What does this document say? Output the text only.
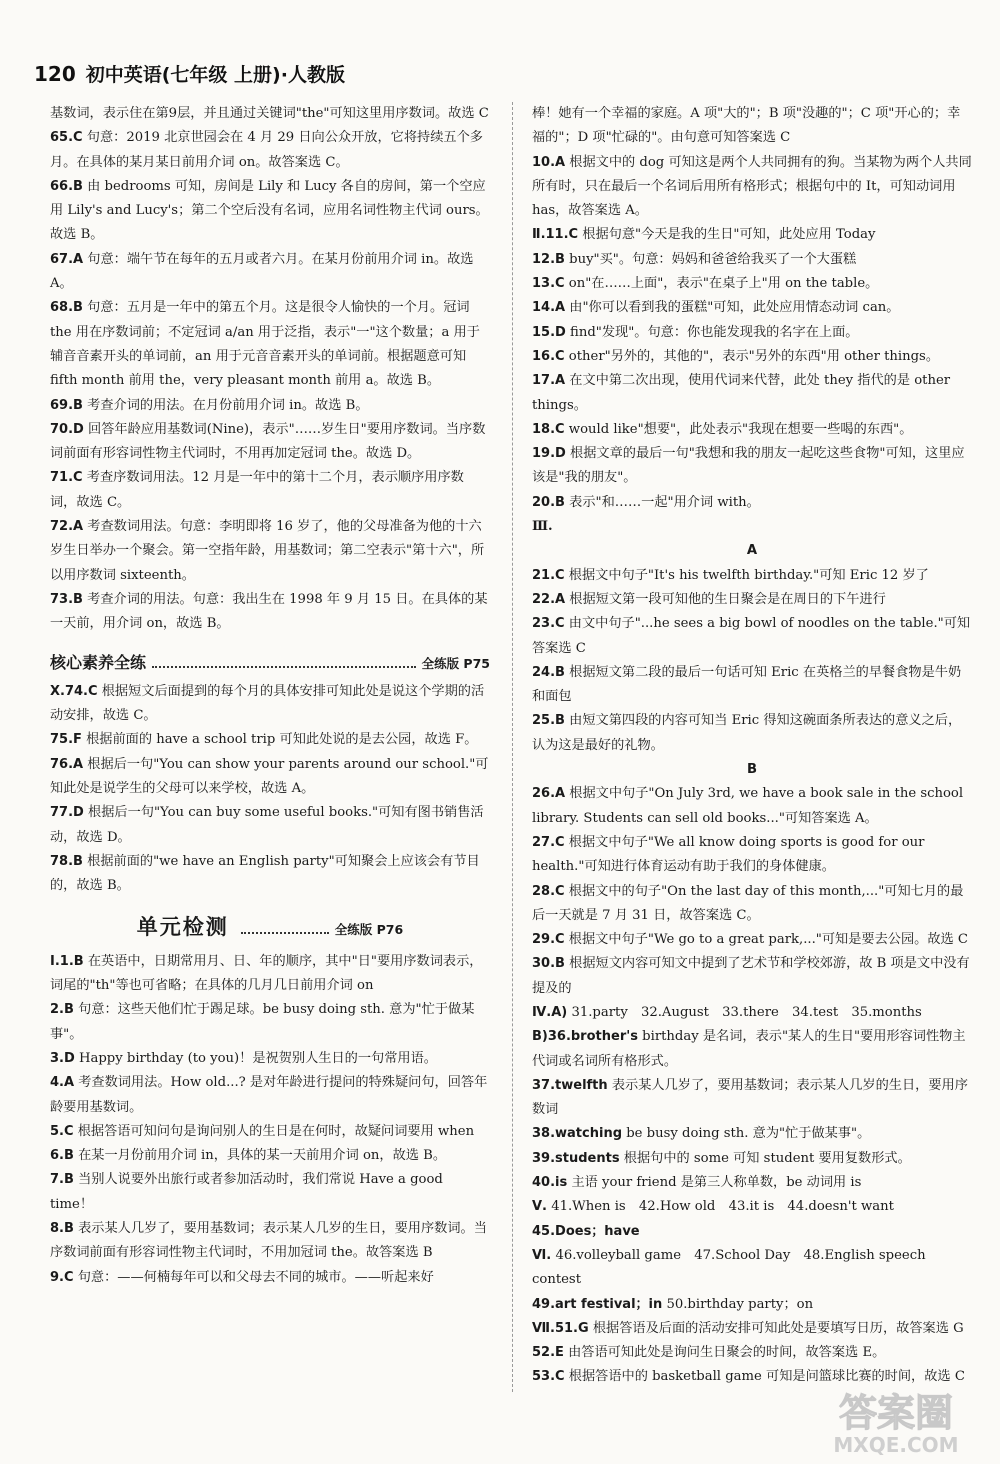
120 初中英语(七年级 上册)·人教版

基数词，表示住在第9层，并且通过关键词"the"可知这里用序数词。故选 C

65.C 句意：2019 北京世园会在 4 月 29 日向公众开放，它将持续五个多月。在具体的某月某日前用介词 on。故答案选 C。

66.B 由 bedrooms 可知，房间是 Lily 和 Lucy 各自的房间，第一个空应用 Lily's and Lucy's；第二个空后没有名词，应用名词性物主代词 ours。故选 B。

67.A 句意：端午节在每年的五月或者六月。在某月份前用介词 in。故选 A。

68.B 句意：五月是一年中的第五个月。这是很令人愉快的一个月。冠词 the 用在序数词前；不定冠词 a/an 用于泛指，表示"一"这个数量；a 用于辅音音素开头的单词前，an 用于元音音素开头的单词前。根据题意可知 fifth month 前用 the，very pleasant month 前用 a。故选 B。

69.B 考查介词的用法。在月份前用介词 in。故选 B。

70.D 回答年龄应用基数词(Nine)，表示"……岁生日"要用序数词。当序数词前面有形容词性物主代词时，不用再加定冠词 the。故选 D。

71.C 考查序数词用法。12 月是一年中的第十二个月，表示顺序用序数词，故选 C。

72.A 考查数词用法。句意：李明即将 16 岁了，他的父母准备为他的十六岁生日举办一个聚会。第一空指年龄，用基数词；第二空表示"第十六"，所以用序数词 sixteenth。

73.B 考查介词的用法。句意：我出生在 1998 年 9 月 15 日。在具体的某一天前，用介词 on，故选 B。

核心素养全练	全练版 P75

X.74.C 根据短文后面提到的每个月的具体安排可知此处是说这个学期的活动安排，故选 C。

75.F 根据前面的 have a school trip 可知此处说的是去公园，故选 F。

76.A 根据后一句"You can show your parents around our school."可知此处是说学生的父母可以来学校，故选 A。

77.D 根据后一句"You can buy some useful books."可知有图书销售活动，故选 D。

78.B 根据前面的"we have an English party"可知聚会上应该会有节目的，故选 B。

单元检测	全练版 P76

Ⅰ.1.B 在英语中，日期常用月、日、年的顺序，其中"日"要用序数词表示，词尾的"th"等也可省略；在具体的几月几日前用介词 on

2.B 句意：这些天他们忙于踢足球。be busy doing sth. 意为"忙于做某事"。

3.D Happy birthday (to you)！是祝贺别人生日的一句常用语。

4.A 考查数词用法。How old...? 是对年龄进行提问的特殊疑问句，回答年龄要用基数词。

5.C 根据答语可知问句是询问别人的生日是在何时，故疑问词要用 when

6.B 在某一月份前用介词 in，具体的某一天前用介词 on，故选 B。

7.B 当别人说要外出旅行或者参加活动时，我们常说 Have a good time！

8.B 表示某人几岁了，要用基数词；表示某人几岁的生日，要用序数词。当序数词前面有形容词性物主代词时，不用加冠词 the。故答案选 B

9.C 句意：——何楠每年可以和父母去不同的城市。——听起来好

棒！她有一个幸福的家庭。A 项"大的"；B 项"没趣的"；C 项"开心的；幸福的"；D 项"忙碌的"。由句意可知答案选 C

10.A 根据文中的 dog 可知这是两个人共同拥有的狗。当某物为两个人共同所有时，只在最后一个名词后用所有格形式；根据句中的 It，可知动词用 has，故答案选 A。

Ⅱ.11.C 根据句意"今天是我的生日"可知，此处应用 Today

12.B buy"买"。句意：妈妈和爸爸给我买了一个大蛋糕

13.C on"在……上面"，表示"在桌子上"用 on the table。

14.A 由"你可以看到我的蛋糕"可知，此处应用情态动词 can。

15.D find"发现"。句意：你也能发现我的名字在上面。

16.C other"另外的，其他的"，表示"另外的东西"用 other things。

17.A 在文中第二次出现，使用代词来代替，此处 they 指代的是 other things。

18.C would like"想要"，此处表示"我现在想要一些喝的东西"。

19.D 根据文章的最后一句"我想和我的朋友一起吃这些食物"可知，这里应该是"我的朋友"。

20.B 表示"和……一起"用介词 with。

Ⅲ.
A

21.C 根据文中句子"It's his twelfth birthday."可知 Eric 12 岁了

22.A 根据短文第一段可知他的生日聚会是在周日的下午进行

23.C 由文中句子"...he sees a big bowl of noodles on the table."可知答案选 C

24.B 根据短文第二段的最后一句话可知 Eric 在英格兰的早餐食物是牛奶和面包

25.B 由短文第四段的内容可知当 Eric 得知这碗面条所表达的意义之后，认为这是最好的礼物。

B

26.A 根据文中句子"On July 3rd, we have a book sale in the school library. Students can sell old books..."可知答案选 A。

27.C 根据文中句子"We all know doing sports is good for our health."可知进行体育运动有助于我们的身体健康。

28.C 根据文中的句子"On the last day of this month,..."可知七月的最后一天就是 7 月 31 日，故答案选 C。

29.C 根据文中句子"We go to a great park,..."可知是要去公园。故选 C

30.B 根据短文内容可知文中提到了艺术节和学校郊游，故 B 项是文中没有提及的

Ⅳ.A) 31.party　32.August　33.there　34.test　35.months

B)36.brother's birthday 是名词，表示"某人的生日"要用形容词性物主代词或名词所有格形式。

37.twelfth 表示某人几岁了，要用基数词；表示某人几岁的生日，要用序数词

38.watching be busy doing sth. 意为"忙于做某事"。

39.students 根据句中的 some 可知 student 要用复数形式。

40.is 主语 your friend 是第三人称单数，be 动词用 is

Ⅴ. 41.When is　42.How old　43.it is　44.doesn't want

45.Does；have

Ⅵ. 46.volleyball game　47.School Day　48.English speech contest

49.art festival；in 50.birthday party；on

Ⅶ.51.G 根据答语及后面的活动安排可知此处是要填写日历，故答案选 G

52.E 由答语可知此处是询问生日聚会的时间，故答案选 E。

53.C 根据答语中的 basketball game 可知是问篮球比赛的时间，故选 C

答案圈
MXQE.COM
